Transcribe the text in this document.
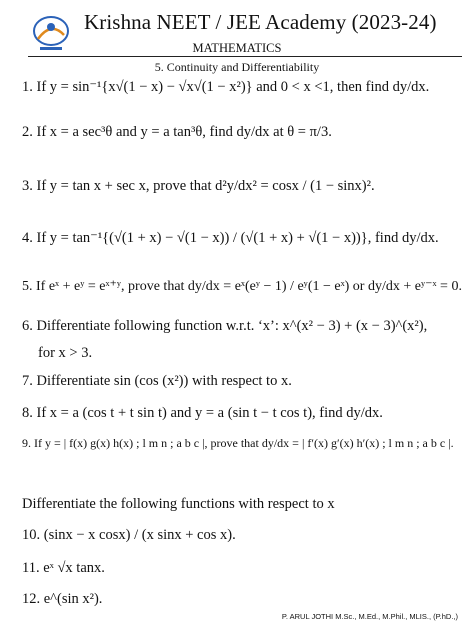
Krishna NEET / JEE Academy (2023-24)
MATHEMATICS
5. Continuity and Differentiability
1. If y = sin⁻¹{x√(1 − x) − √x√(1 − x²)} and 0 < x <1, then find dy/dx.
2. If x = a sec³θ and y = a tan³θ, find dy/dx at θ = π/3.
3. If y = tan x + sec x, prove that d²y/dx² = cosx / (1 − sinx)².
4. If y = tan⁻¹{(√(1 + x) − √(1 − x)) / (√(1 + x) + √(1 − x))}, find dy/dx.
5. If eˣ + eʸ = eˣ⁺ʸ, prove that dy/dx = eˣ(eʸ − 1) / eʸ(1 − eˣ) or dy/dx + eʸ⁻ˣ = 0.
6. Differentiate following function w.r.t. ‘x’: x^(x² − 3) + (x − 3)^(x²),
for x > 3.
7. Differentiate sin (cos (x²)) with respect to x.
8. If x = a (cos t + t sin t) and y = a (sin t − t cos t), find dy/dx.
9. If y = | f(x) g(x) h(x) ; l m n ; a b c |, prove that dy/dx = | f′(x) g′(x) h′(x) ; l m n ; a b c |.
Differentiate the following functions with respect to x
10. (sinx − x cosx) / (x sinx + cos x).
11. eˣ √x tanx.
12. e^(sin x²).
P. ARUL JOTHI M.Sc., M.Ed., M.Phil., MLIS., (P.hD.,)
